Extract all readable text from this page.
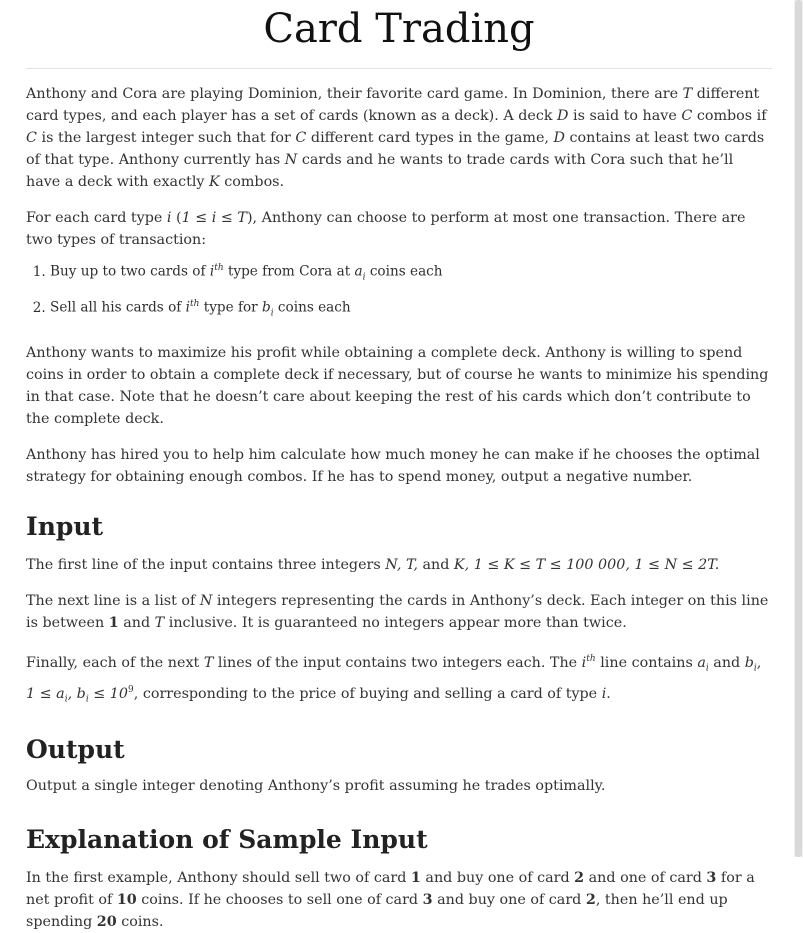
Card Trading

Anthony and Cora are playing Dominion, their favorite card game. In Dominion, there are T different card types, and each player has a set of cards (known as a deck). A deck D is said to have C combos if C is the largest integer such that for C different card types in the game, D contains at least two cards of that type. Anthony currently has N cards and he wants to trade cards with Cora such that he’ll have a deck with exactly K combos.

For each card type i (1 ≤ i ≤ T), Anthony can choose to perform at most one transaction. There are two types of transaction:

1. Buy up to two cards of $i^{th}$ type from Cora at $a_i$ coins each
2. Sell all his cards of $i^{th}$ type for $b_i$ coins each

Anthony wants to maximize his profit while obtaining a complete deck. Anthony is willing to spend coins in order to obtain a complete deck if necessary, but of course he wants to minimize his spending in that case. Note that he doesn’t care about keeping the rest of his cards which don’t contribute to the complete deck.

Anthony has hired you to help him calculate how much money he can make if he chooses the optimal strategy for obtaining enough combos. If he has to spend money, output a negative number.

Input

The first line of the input contains three integers N, T, and K, 1 ≤ K ≤ T ≤ 100 000, 1 ≤ N ≤ 2T.

The next line is a list of N integers representing the cards in Anthony’s deck. Each integer on this line is between 1 and T inclusive. It is guaranteed no integers appear more than twice.

Finally, each of the next T lines of the input contains two integers each. The $i^{th}$ line contains $a_i$ and $b_i$,
$1 \le a_i$, $b_i \le 10^9$, corresponding to the price of buying and selling a card of type i.

Output

Output a single integer denoting Anthony’s profit assuming he trades optimally.

Explanation of Sample Input

In the first example, Anthony should sell two of card 1 and buy one of card 2 and one of card 3 for a net profit of 10 coins. If he chooses to sell one of card 3 and buy one of card 2, then he’ll end up spending 20 coins.
